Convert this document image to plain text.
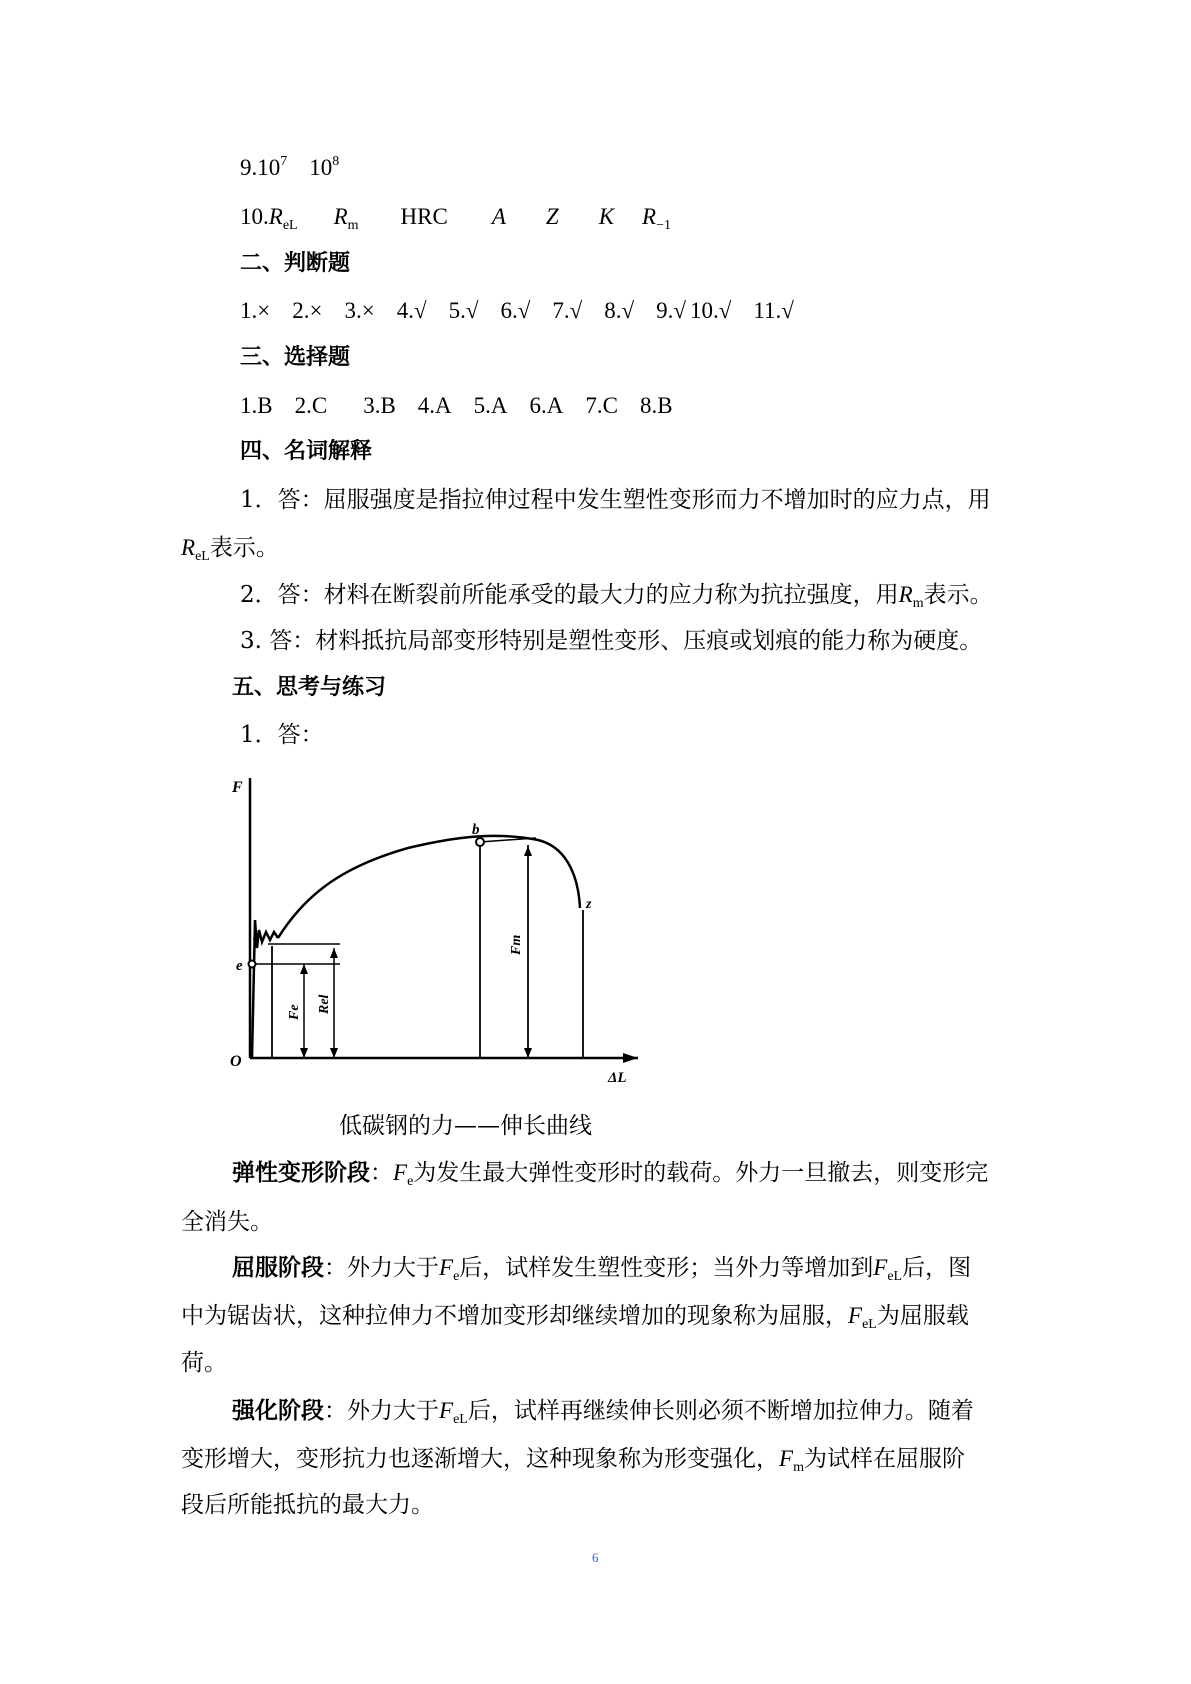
9.10$^7$ $10^8$
$10.R_{eL}$ $R_m$ HRC A Z K $R_{-1}$
二、判断题
1.× 2.× 3.× 4.√ 5.√ 6.√ 7.√ 8.√ 9.√ 10.√ 11.√
三、选择题
1.B 2.C 3.B 4.A 5.A 6.A 7.C 8.B
四、名词解释
1．答：屈服强度是指拉伸过程中发生塑性变形而力不增加时的应力点，用
$R_{eL}$表示。
2．答：材料在断裂前所能承受的最大力的应力称为抗拉强度，用$R_m$表示。
3. 答：材料抵抗局部变形特别是塑性变形、压痕或划痕的能力称为硬度。
五、思考与练习
1．答：
F
O
e
s
b
z
ΔL
Fm
Fe Rel
低碳钢的力——伸长曲线
弹性变形阶段：$F_e$为发生最大弹性变形时的载荷。外力一旦撤去，则变形完
全消失。
屈服阶段：外力大于$F_e$后，试样发生塑性变形；当外力等增加到$F_{eL}$后，图
中为锯齿状，这种拉伸力不增加变形却继续增加的现象称为屈服，$F_{eL}$为屈服载
荷。
强化阶段：外力大于$F_{eL}$后，试样再继续伸长则必须不断增加拉伸力。随着
变形增大，变形抗力也逐渐增大，这种现象称为形变强化，$F_m$为试样在屈服阶
段后所能抵抗的最大力。
6
